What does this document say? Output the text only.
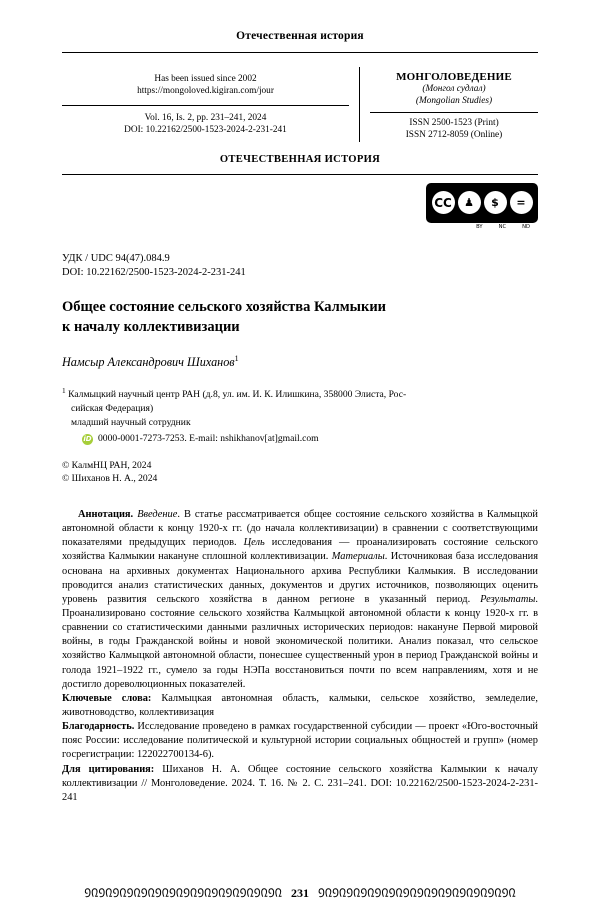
Отечественная история
Has been issued since 2002
https://mongoloved.kigiran.com/jour
Vol. 16, Is. 2, pp. 231–241, 2024
DOI: 10.22162/2500-1523-2024-2-231-241
МОНГОЛОВЕДЕНИЕ
(Монгол судлал)
(Mongolian Studies)
ISSN 2500-1523 (Print)
ISSN 2712-8059 (Online)
ОТЕЧЕСТВЕННАЯ ИСТОРИЯ
CC	♟	$	=
BY	NC	ND
УДК / UDC 94(47).084.9
DOI: 10.22162/2500-1523-2024-2-231-241
Общее состояние сельского хозяйства Калмыкии
к началу коллективизации
Намсыр Александрович Шиханов$^1$
$^1$ Калмыцкий научный центр РАН (д.8, ул. им. И. К. Илишкина, 358000 Элиста, Рос-
сийская Федерация)
младший научный сотрудник
iD 0000-0001-7273-7253. E-mail: nshikhanov[at]gmail.com
© КалмНЦ РАН, 2024
© Шиханов Н. А., 2024

Аннотация. Введение. В статье рассматривается общее состояние сельского хозяйства в Калмыцкой автономной области к концу 1920-х гг. (до начала коллективизации) в сравнении с соответствующими показателями предыдущих периодов. Цель исследования — проанализировать состояние сельского хозяйства Калмыкии накануне сплошной коллективизации. Материалы. Источниковая база исследования основана на архивных документах Национального архива Республики Калмыкия. В исследовании проводится анализ статистических данных, документов и других источников, позволяющих оценить уровень развития сельского хозяйства в данном регионе в указанный период. Результаты. Проанализировано состояние сельского хозяйства Калмыцкой автономной области к концу 1920-х гг. в сравнении со статистическими данными различных исторических периодов: накануне Первой мировой войны, в годы Гражданской войны и новой экономической политики. Анализ показал, что сельское хозяйство Калмыцкой автономной области, понесшее существенный урон в период Гражданской войны и голода 1921–1922 гг., сумело за годы НЭПа восстановиться почти по всем направлениям, хотя и не достигло дореволюционных показателей.

Ключевые слова: Калмыцкая автономная область, калмыки, сельское хозяйство, земледелие, животноводство, коллективизация

Благодарность. Исследование проведено в рамках государственной субсидии — проект «Юго-восточный пояс России: исследование политической и культурной истории социальных общностей и групп» (номер госрегистрации: 122022700134-6).

Для цитирования: Шиханов Н. А. Общее состояние сельского хозяйства Калмыкии к началу коллективизации // Монголоведение. 2024. Т. 16. № 2. С. 231–241. DOI: 10.22162/2500-1523-2024-2-231-241

᠑᠒᠑᠒᠑᠒᠑᠒᠑᠒᠑᠒᠑᠒᠑᠒᠑᠒᠑᠒᠑᠒᠑᠒᠑᠒᠑᠒ 231 ᠑᠒᠑᠒᠑᠒᠑᠒᠑᠒᠑᠒᠑᠒᠑᠒᠑᠒᠑᠒᠑᠒᠑᠒᠑᠒᠑᠒
